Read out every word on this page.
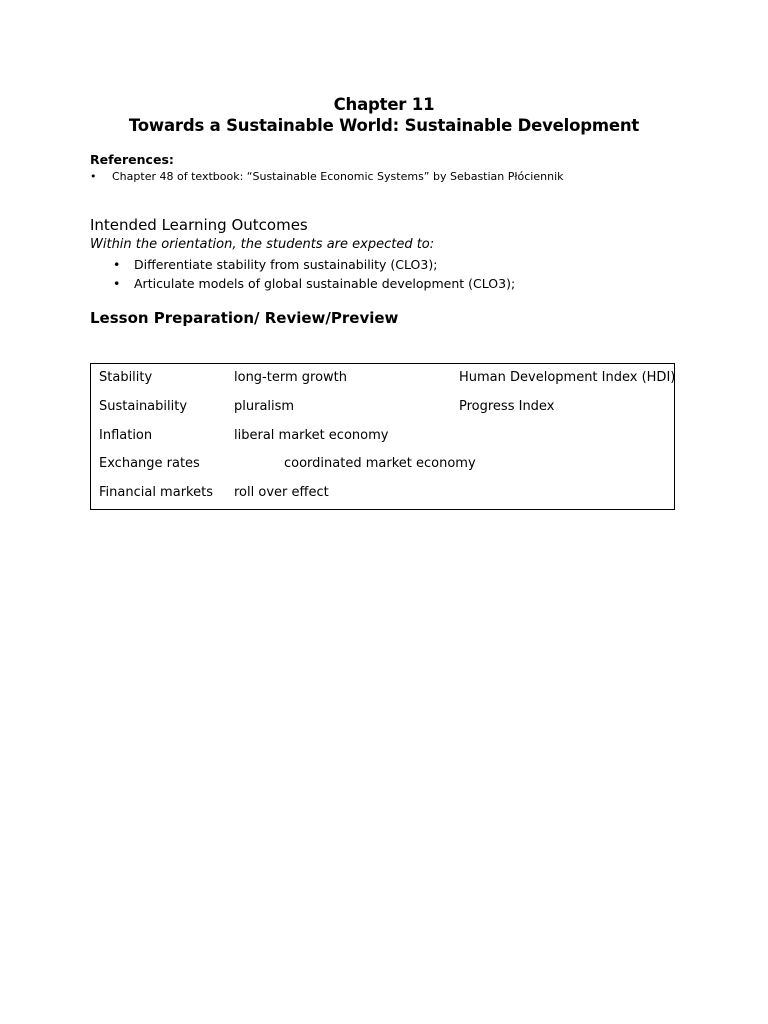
Chapter 11
Towards a Sustainable World: Sustainable Development
References:
• Chapter 48 of textbook: “Sustainable Economic Systems” by Sebastian Płóciennik
Intended Learning Outcomes
Within the orientation, the students are expected to:
• Differentiate stability from sustainability (CLO3);
• Articulate models of global sustainable development (CLO3);
Lesson Preparation/ Review/Preview
Stability
Sustainability
Inflation
Exchange rates
Financial markets
long-term growth
pluralism
liberal market economy
coordinated market economy
roll over effect
Human Development Index (HDI)
Progress Index
